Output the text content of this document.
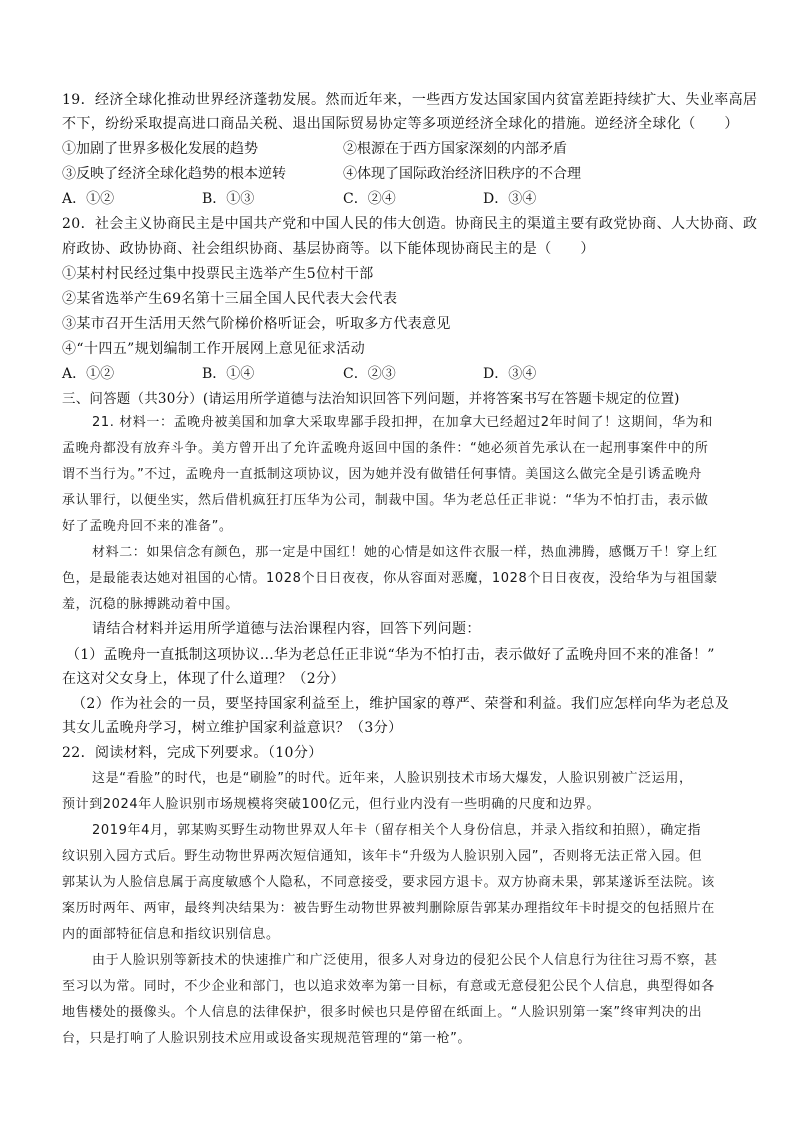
19．经济全球化推动世界经济蓬勃发展。然而近年来，一些西方发达国家国内贫富差距持续扩大、失业率高居
不下，纷纷采取提高进口商品关税、退出国际贸易协定等多项逆经济全球化的措施。逆经济全球化（　　）
①加剧了世界多极化发展的趋势	②根源在于西方国家深刻的内部矛盾
③反映了经济全球化趋势的根本逆转	④体现了国际政治经济旧秩序的不合理
A．①②	B．①③	C．②④	D．③④
20．社会主义协商民主是中国共产党和中国人民的伟大创造。协商民主的渠道主要有政党协商、人大协商、政
府政协、政协协商、社会组织协商、基层协商等。以下能体现协商民主的是（　　）
①某村村民经过集中投票民主选举产生5位村干部
②某省选举产生69名第十三届全国人民代表大会代表
③某市召开生活用天然气阶梯价格听证会，听取多方代表意见
④“十四五”规划编制工作开展网上意见征求活动
A．①②	B．①④	C．②③	D．③④
三、问答题（共30分）(请运用所学道德与法治知识回答下列问题，并将答案书写在答题卡规定的位置)
21. 材料一：孟晚舟被美国和加拿大采取卑鄙手段扣押，在加拿大已经超过2年时间了！这期间，华为和
孟晚舟都没有放弃斗争。美方曾开出了允许孟晚舟返回中国的条件：“她必须首先承认在一起刑事案件中的所
谓不当行为。”不过，孟晚舟一直抵制这项协议，因为她并没有做错任何事情。美国这么做完全是引诱孟晚舟
承认罪行，以便坐实，然后借机疯狂打压华为公司，制裁中国。华为老总任正非说：“华为不怕打击，表示做
好了孟晚舟回不来的准备”。
材料二：如果信念有颜色，那一定是中国红！她的心情是如这件衣服一样，热血沸腾，感慨万千！穿上红
色，是最能表达她对祖国的心情。1028个日日夜夜，你从容面对恶魔，1028个日日夜夜，没给华为与祖国蒙
羞，沉稳的脉搏跳动着中国。
请结合材料并运用所学道德与法治课程内容，回答下列问题：
（1）孟晚舟一直抵制这项协议…华为老总任正非说“华为不怕打击，表示做好了孟晚舟回不来的准备！”
在这对父女身上，体现了什么道理？（2分）
（2）作为社会的一员，要坚持国家利益至上，维护国家的尊严、荣誉和利益。我们应怎样向华为老总及
其女儿孟晚舟学习，树立维护国家利益意识？（3分）
22．阅读材料，完成下列要求。（10分）
这是“看脸”的时代，也是“刷脸”的时代。近年来，人脸识别技术市场大爆发，人脸识别被广泛运用，
预计到2024年人脸识别市场规模将突破100亿元，但行业内没有一些明确的尺度和边界。
2019年4月，郭某购买野生动物世界双人年卡（留存相关个人身份信息，并录入指纹和拍照），确定指
纹识别入园方式后。野生动物世界两次短信通知，该年卡“升级为人脸识别入园”，否则将无法正常入园。但
郭某认为人脸信息属于高度敏感个人隐私，不同意接受，要求园方退卡。双方协商未果，郭某遂诉至法院。该
案历时两年、两审，最终判决结果为：被告野生动物世界被判删除原告郭某办理指纹年卡时提交的包括照片在
内的面部特征信息和指纹识别信息。
由于人脸识别等新技术的快速推广和广泛使用，很多人对身边的侵犯公民个人信息行为往往习焉不察，甚
至习以为常。同时，不少企业和部门，也以追求效率为第一目标，有意或无意侵犯公民个人信息，典型得如各
地售楼处的摄像头。个人信息的法律保护，很多时候也只是停留在纸面上。“人脸识别第一案”终审判决的出
台，只是打响了人脸识别技术应用或设备实现规范管理的“第一枪”。
